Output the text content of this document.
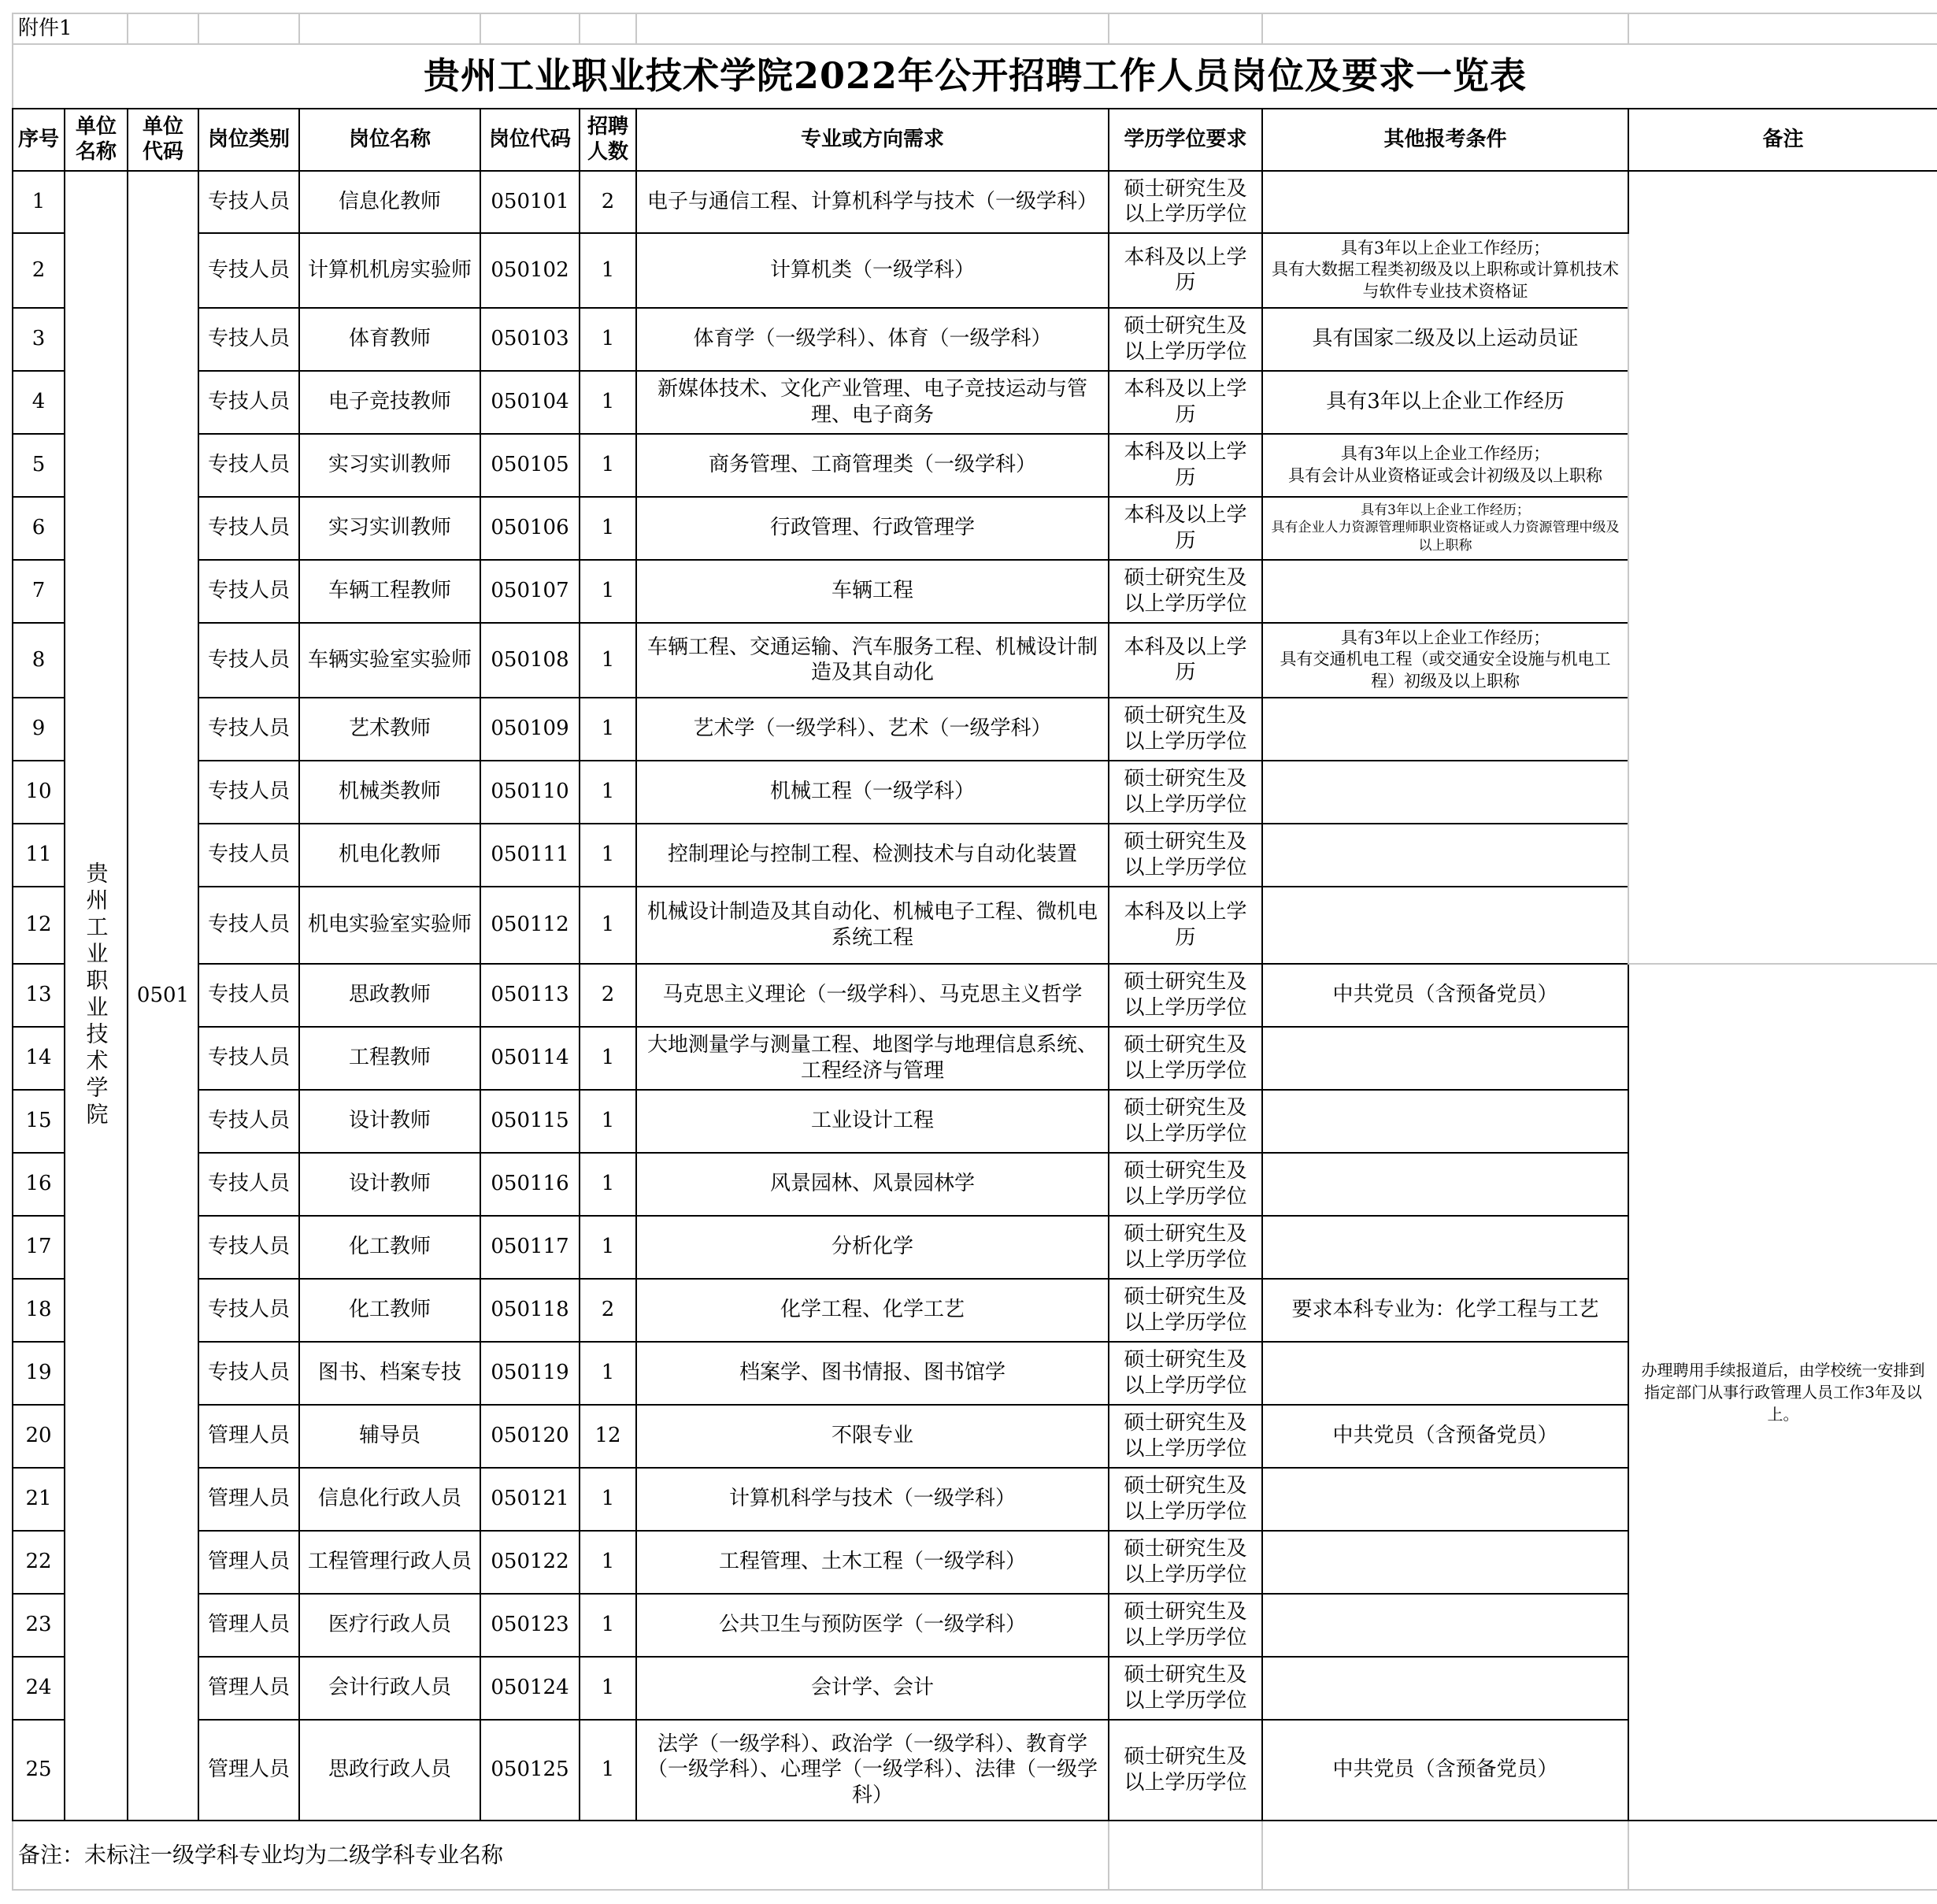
附件1										
贵州工业职业技术学院2022年公开招聘工作人员岗位及要求一览表										
序号	单位名称	单位代码	岗位类别	岗位名称	岗位代码	招聘人数	专业或方向需求	学历学位要求	其他报考条件	备注
1	贵州工业职业技术学院	0501	专技人员	信息化教师	050101	2	电子与通信工程、计算机科学与技术（一级学科）	硕士研究生及以上学历学位		
2			专技人员	计算机机房实验师	050102	1	计算机类（一级学科）	本科及以上学历	具有3年以上企业工作经历；
具有大数据工程类初级及以上职称或计算机技术与软件专业技术资格证	
3			专技人员	体育教师	050103	1	体育学（一级学科）、体育（一级学科）	硕士研究生及以上学历学位	具有国家二级及以上运动员证	
4			专技人员	电子竞技教师	050104	1	新媒体技术、文化产业管理、电子竞技运动与管理、电子商务	本科及以上学历	具有3年以上企业工作经历	
5			专技人员	实习实训教师	050105	1	商务管理、工商管理类（一级学科）	本科及以上学历	具有3年以上企业工作经历；
具有会计从业资格证或会计初级及以上职称	
6			专技人员	实习实训教师	050106	1	行政管理、行政管理学	本科及以上学历	具有3年以上企业工作经历；
具有企业人力资源管理师职业资格证或人力资源管理中级及以上职称	
7			专技人员	车辆工程教师	050107	1	车辆工程	硕士研究生及以上学历学位		
8			专技人员	车辆实验室实验师	050108	1	车辆工程、交通运输、汽车服务工程、机械设计制造及其自动化	本科及以上学历	具有3年以上企业工作经历；
具有交通机电工程（或交通安全设施与机电工程）初级及以上职称	
9			专技人员	艺术教师	050109	1	艺术学（一级学科）、艺术（一级学科）	硕士研究生及以上学历学位		
10			专技人员	机械类教师	050110	1	机械工程（一级学科）	硕士研究生及以上学历学位		
11			专技人员	机电化教师	050111	1	控制理论与控制工程、检测技术与自动化装置	硕士研究生及以上学历学位		
12			专技人员	机电实验室实验师	050112	1	机械设计制造及其自动化、机械电子工程、微机电系统工程	本科及以上学历		
13			专技人员	思政教师	050113	2	马克思主义理论（一级学科）、马克思主义哲学	硕士研究生及以上学历学位	中共党员（含预备党员）	办理聘用手续报道后，由学校统一安排到指定部门从事行政管理人员工作3年及以上。
14			专技人员	工程教师	050114	1	大地测量学与测量工程、地图学与地理信息系统、工程经济与管理	硕士研究生及以上学历学位		
15			专技人员	设计教师	050115	1	工业设计工程	硕士研究生及以上学历学位		
16			专技人员	设计教师	050116	1	风景园林、风景园林学	硕士研究生及以上学历学位		
17			专技人员	化工教师	050117	1	分析化学	硕士研究生及以上学历学位		
18			专技人员	化工教师	050118	2	化学工程、化学工艺	硕士研究生及以上学历学位	要求本科专业为：化学工程与工艺	
19			专技人员	图书、档案专技	050119	1	档案学、图书情报、图书馆学	硕士研究生及以上学历学位		
20			管理人员	辅导员	050120	12	不限专业	硕士研究生及以上学历学位	中共党员（含预备党员）	
21			管理人员	信息化行政人员	050121	1	计算机科学与技术（一级学科）	硕士研究生及以上学历学位		
22			管理人员	工程管理行政人员	050122	1	工程管理、土木工程（一级学科）	硕士研究生及以上学历学位		
23			管理人员	医疗行政人员	050123	1	公共卫生与预防医学（一级学科）	硕士研究生及以上学历学位		
24			管理人员	会计行政人员	050124	1	会计学、会计	硕士研究生及以上学历学位		
25			管理人员	思政行政人员	050125	1	法学（一级学科）、政治学（一级学科）、教育学（一级学科）、心理学（一级学科）、法律（一级学科）	硕士研究生及以上学历学位	中共党员（含预备党员）	
备注：未标注一级学科专业均为二级学科专业名称										
